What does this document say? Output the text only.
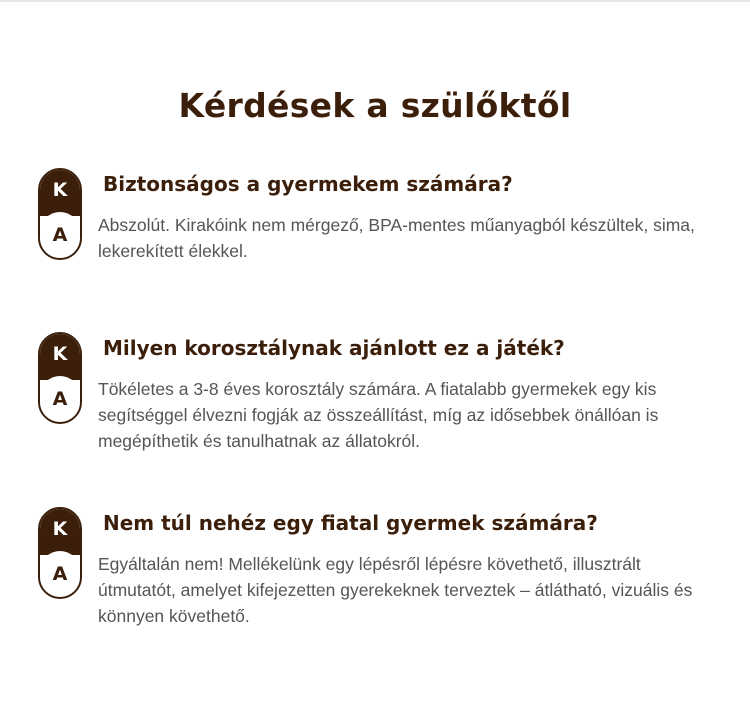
Kérdések a szülőktől
K
A
Biztonságos a gyermekem számára?

Abszolút. Kirakóink nem mérgező, BPA-mentes műanyagból készültek, sima, lekerekített élekkel.

K
A
Milyen korosztálynak ajánlott ez a játék?

Tökéletes a 3-8 éves korosztály számára. A fiatalabb gyermekek egy kis segítséggel élvezni fogják az összeállítást, míg az idősebbek önállóan is megépíthetik és tanulhatnak az állatokról.

K
A
Nem túl nehéz egy fiatal gyermek számára?

Egyáltalán nem! Mellékelünk egy lépésről lépésre követhető, illusztrált útmutatót, amelyet kifejezetten gyerekeknek terveztek – átlátható, vizuális és könnyen követhető.
